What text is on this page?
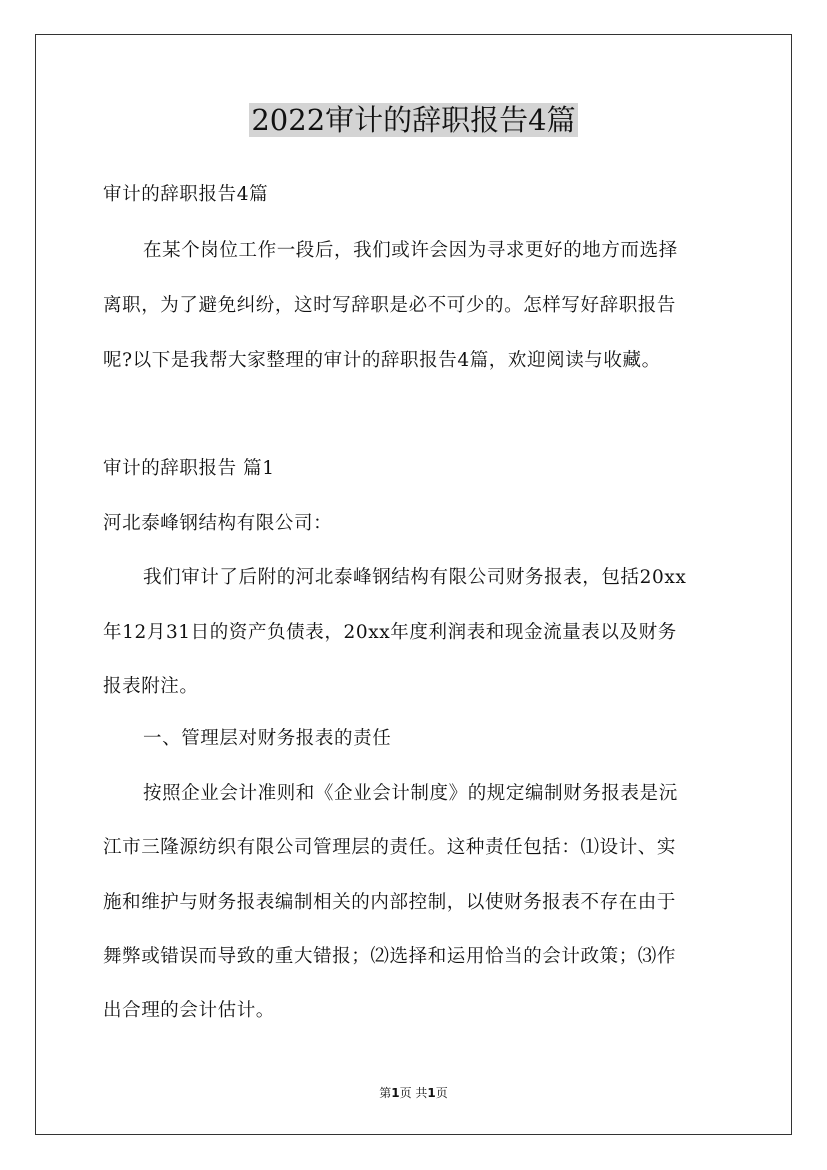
2022审计的辞职报告4篇
审计的辞职报告4篇
在某个岗位工作一段后，我们或许会因为寻求更好的地方而选择
离职，为了避免纠纷，这时写辞职是必不可少的。怎样写好辞职报告
呢?以下是我帮大家整理的审计的辞职报告4篇，欢迎阅读与收藏。
审计的辞职报告 篇1
河北泰峰钢结构有限公司：
我们审计了后附的河北泰峰钢结构有限公司财务报表，包括20xx
年12月31日的资产负债表，20xx年度利润表和现金流量表以及财务
报表附注。
一、管理层对财务报表的责任
按照企业会计准则和《企业会计制度》的规定编制财务报表是沅
江市三隆源纺织有限公司管理层的责任。这种责任包括：⑴设计、实
施和维护与财务报表编制相关的内部控制，以使财务报表不存在由于
舞弊或错误而导致的重大错报；⑵选择和运用恰当的会计政策；⑶作
出合理的会计估计。
第1页 共1页
